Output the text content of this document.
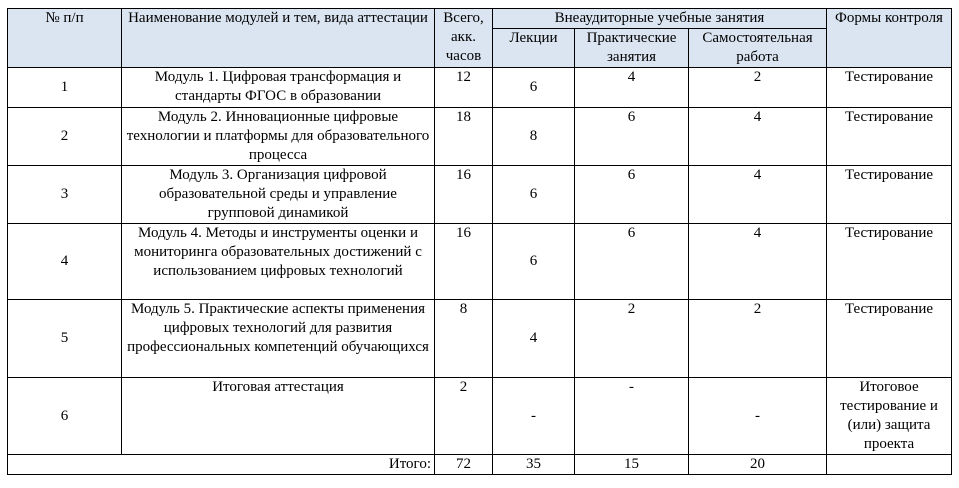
№ п/п	Наименование модулей и тем, вида аттестации	Всего, акк. часов	Внеаудиторные учебные занятия			Формы контроля
			Лекции	Практические занятия	Самостоятельная работа	
1	Модуль 1. Цифровая трансформация и стандарты ФГОС в образовании	12	6	4	2	Тестирование
2	Модуль 2. Инновационные цифровые технологии и платформы для образовательного процесса	18	8	6	4	Тестирование
3	Модуль 3. Организация цифровой образовательной среды и управление групповой динамикой	16	6	6	4	Тестирование
4	Модуль 4. Методы и инструменты оценки и мониторинга образовательных достижений с использованием цифровых технологий	16	6	6	4	Тестирование
5	Модуль 5. Практические аспекты применения цифровых технологий для развития профессиональных компетенций обучающихся	8	4	2	2	Тестирование
6	Итоговая аттестация	2	-	-	-	Итоговое тестирование и (или) защита проекта
Итого:		72	35	15	20	
